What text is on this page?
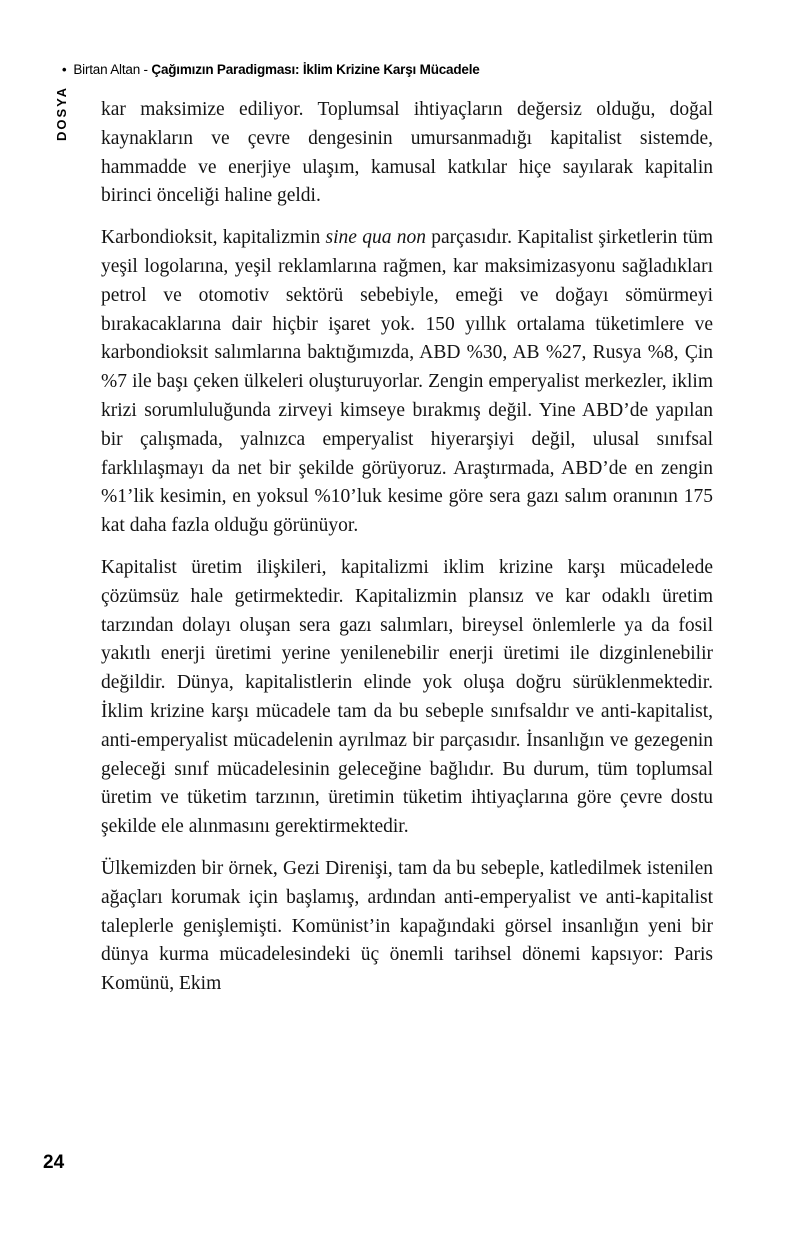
• Birtan Altan - Çağımızın Paradigması: İklim Krizine Karşı Mücadele
DOSYA kar maksimize ediliyor. Toplumsal ihtiyaçların değersiz olduğu, doğal kaynakların ve çevre dengesinin umursanmadığı kapitalist sistemde, hammadde ve enerjiye ulaşım, kamusal katkılar hiçe sayılarak kapitalin birinci önceliği haline geldi.

Karbondioksit, kapitalizmin sine qua non parçasıdır. Kapitalist şirketlerin tüm yeşil logolarına, yeşil reklamlarına rağmen, kar maksimizasyonu sağladıkları petrol ve otomotiv sektörü sebebiyle, emeği ve doğayı sömürmeyi bırakacaklarına dair hiçbir işaret yok. 150 yıllık ortalama tüketimlere ve karbondioksit salımlarına baktığımızda, ABD %30, AB %27, Rusya %8, Çin %7 ile başı çeken ülkeleri oluşturuyorlar. Zengin emperyalist merkezler, iklim krizi sorumluluğunda zirveyi kimseye bırakmış değil. Yine ABD’de yapılan bir çalışmada, yalnızca emperyalist hiyerarşiyi değil, ulusal sınıfsal farklılaşmayı da net bir şekilde görüyoruz. Araştırmada, ABD’de en zengin %1’lik kesimin, en yoksul %10’luk kesime göre sera gazı salım oranının 175 kat daha fazla olduğu görünüyor.

Kapitalist üretim ilişkileri, kapitalizmi iklim krizine karşı mücadelede çözümsüz hale getirmektedir. Kapitalizmin plansız ve kar odaklı üretim tarzından dolayı oluşan sera gazı salımları, bireysel önlemlerle ya da fosil yakıtlı enerji üretimi yerine yenilenebilir enerji üretimi ile dizginlenebilir değildir. Dünya, kapitalistlerin elinde yok oluşa doğru sürüklenmektedir. İklim krizine karşı mücadele tam da bu sebeple sınıfsaldır ve anti-kapitalist, anti-emperyalist mücadelenin ayrılmaz bir parçasıdır. İnsanlığın ve gezegenin geleceği sınıf mücadelesinin geleceğine bağlıdır. Bu durum, tüm toplumsal üretim ve tüketim tarzının, üretimin tüketim ihtiyaçlarına göre çevre dostu şekilde ele alınmasını gerektirmektedir.

Ülkemizden bir örnek, Gezi Direnişi, tam da bu sebeple, katledilmek istenilen ağaçları korumak için başlamış, ardından anti-emperyalist ve anti-kapitalist taleplerle genişlemişti. Komünist’in kapağındaki görsel insanlığın yeni bir dünya kurma mücadelesindeki üç önemli tarihsel dönemi kapsıyor: Paris Komünü, Ekim

24
